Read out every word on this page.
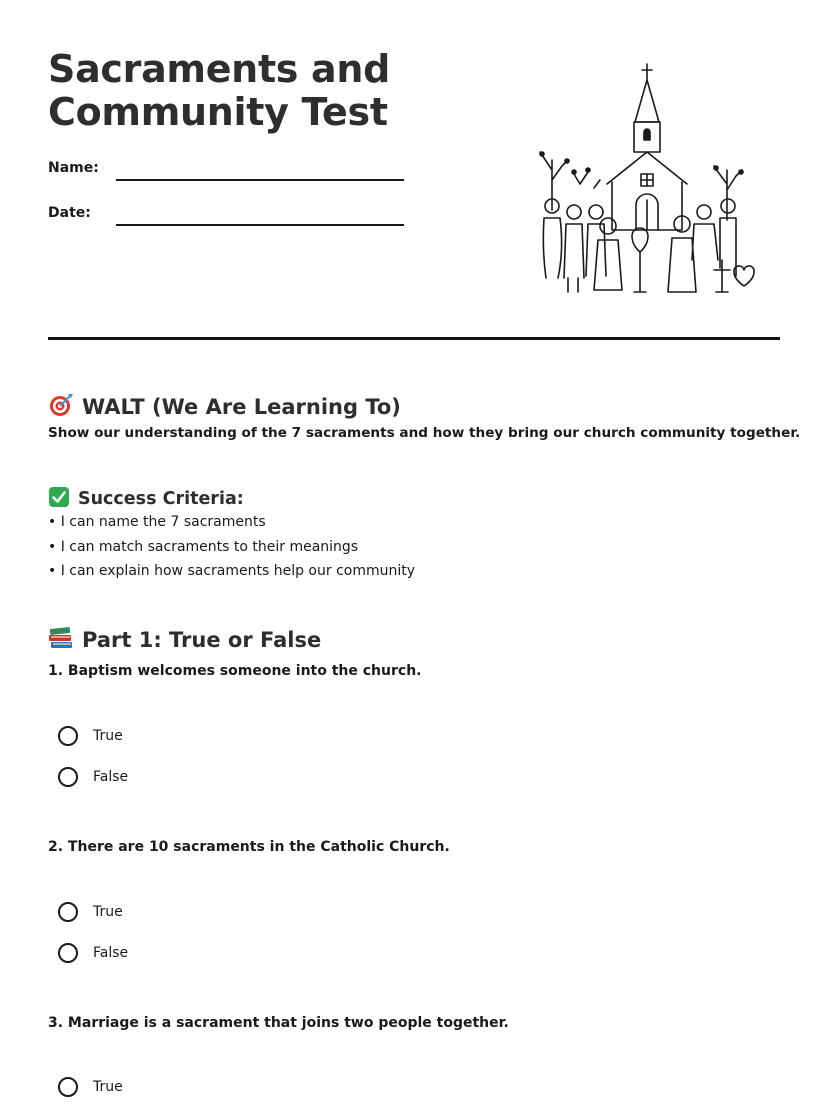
Sacraments and Community Test
Name:
Date:
WALT (We Are Learning To)
Show our understanding of the 7 sacraments and how they bring our church community together.
Success Criteria:
• I can name the 7 sacraments
• I can match sacraments to their meanings
• I can explain how sacraments help our community
Part 1: True or False
1. Baptism welcomes someone into the church.
True
False
2. There are 10 sacraments in the Catholic Church.
True
False
3. Marriage is a sacrament that joins two people together.
True
